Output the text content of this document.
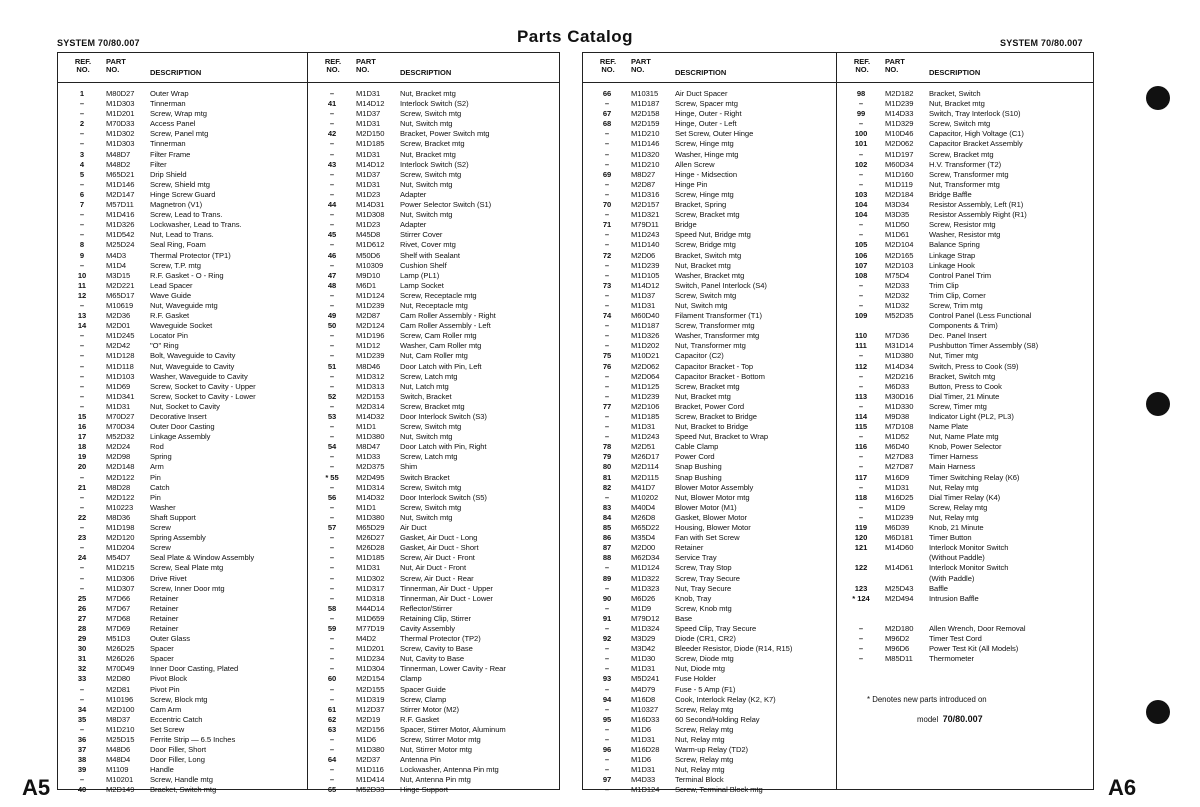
SYSTEM 70/80.007	Parts Catalog	SYSTEM 70/80.007
REF.
NO.
PART
NO.	DESCRIPTION
1	M80D27	Outer Wrap
–	M1D303	Tinnerman
–	M1D201	Screw, Wrap mtg
2	M70D33	Access Panel
–	M1D302	Screw, Panel mtg
–	M1D303	Tinnerman
3	M48D7	Filter Frame
4	M48D2	Filter
5	M65D21	Drip Shield
–	M1D146	Screw, Shield mtg
6	M2D147	Hinge Screw Guard
7	M57D11	Magnetron (V1)
–	M1D416	Screw, Lead to Trans.
–	M1D326	Lockwasher, Lead to Trans.
–	M1D542	Nut, Lead to Trans.
8	M25D24	Seal Ring, Foam
9	M4D3	Thermal Protector (TP1)
–	M1D4	Screw, T.P. mtg
10	M3D15	R.F. Gasket - O - Ring
11	M2D221	Lead Spacer
12	M65D17	Wave Guide
–	M10619	Nut, Waveguide mtg
13	M2D36	R.F. Gasket
14	M2D01	Waveguide Socket
–	M1D245	Locator Pin
–	M2D42	"O" Ring
–	M1D128	Bolt, Waveguide to Cavity
–	M1D118	Nut, Waveguide to Cavity
–	M1D103	Washer, Waveguide to Cavity
–	M1D69	Screw, Socket to Cavity - Upper
–	M1D341	Screw, Socket to Cavity - Lower
–	M1D31	Nut, Socket to Cavity
15	M70D27	Decorative Insert
16	M70D34	Outer Door Casting
17	M52D32	Linkage Assembly
18	M2D24	Rod
19	M2D98	Spring
20	M2D148	Arm
–	M2D122	Pin
21	M8D28	Catch
–	M2D122	Pin
–	M10223	Washer
22	M8D36	Shaft Support
–	M1D198	Screw
23	M2D120	Spring Assembly
–	M1D204	Screw
24	M54D7	Seal Plate & Window Assembly
–	M1D215	Screw, Seal Plate mtg
–	M1D306	Drive Rivet
–	M1D307	Screw, Inner Door mtg
25	M7D66	Retainer
26	M7D67	Retainer
27	M7D68	Retainer
28	M7D69	Retainer
29	M51D3	Outer Glass
30	M26D25	Spacer
31	M26D26	Spacer
32	M70D49	Inner Door Casting, Plated
33	M2D80	Pivot Block
–	M2D81	Pivot Pin
–	M10196	Screw, Block mtg
34	M2D100	Cam Arm
35	M8D37	Eccentric Catch
–	M1D210	Set Screw
36	M25D15	Ferrite Strip — 6.5 Inches
37	M48D6	Door Filler, Short
38	M48D4	Door Filler, Long
39	M1109	Handle
–	M10201	Screw, Handle mtg
40	M2D149	Bracket, Switch mtg
REF.
NO.
PART
NO.	DESCRIPTION
–	M1D31	Nut, Bracket mtg
41	M14D12	Interlock Switch (S2)
–	M1D37	Screw, Switch mtg
–	M1D31	Nut, Switch mtg
42	M2D150	Bracket, Power Switch mtg
–	M1D185	Screw, Bracket mtg
–	M1D31	Nut, Bracket mtg
43	M14D12	Interlock Switch (S2)
–	M1D37	Screw, Switch mtg
–	M1D31	Nut, Switch mtg
–	M1D23	Adapter
44	M14D31	Power Selector Switch (S1)
–	M1D308	Nut, Switch mtg
–	M1D23	Adapter
45	M45D8	Stirrer Cover
–	M1D612	Rivet, Cover mtg
46	M50D6	Shelf with Sealant
–	M10309	Cushion Shelf
47	M9D10	Lamp (PL1)
48	M6D1	Lamp Socket
–	M1D124	Screw, Receptacle mtg
–	M1D239	Nut, Receptacle mtg
49	M2D87	Cam Roller Assembly - Right
50	M2D124	Cam Roller Assembly - Left
–	M1D196	Screw, Cam Roller mtg
–	M1D12	Washer, Cam Roller mtg
–	M1D239	Nut, Cam Roller mtg
51	M8D46	Door Latch with Pin, Left
–	M1D312	Screw, Latch mtg
–	M1D313	Nut, Latch mtg
52	M2D153	Switch, Bracket
–	M2D314	Screw, Bracket mtg
53	M14D32	Door Interlock Switch (S3)
–	M1D1	Screw, Switch mtg
–	M1D380	Nut, Switch mtg
54	M8D47	Door Latch with Pin, Right
–	M1D33	Screw, Latch mtg
–	M2D375	Shim
* 55	M2D495	Switch Bracket
–	M1D314	Screw, Switch mtg
56	M14D32	Door Interlock Switch (S5)
–	M1D1	Screw, Switch mtg
–	M1D380	Nut, Switch mtg
57	M65D29	Air Duct
–	M26D27	Gasket, Air Duct - Long
–	M26D28	Gasket, Air Duct - Short
–	M1D185	Screw, Air Duct - Front
–	M1D31	Nut, Air Duct - Front
–	M1D302	Screw, Air Duct - Rear
–	M1D317	Tinnerman, Air Duct - Upper
–	M1D318	Tinnerman, Air Duct - Lower
58	M44D14	Reflector/Stirrer
–	M1D659	Retaining Clip, Stirrer
59	M77D19	Cavity Assembly
–	M4D2	Thermal Protector (TP2)
–	M1D201	Screw, Cavity to Base
–	M1D234	Nut, Cavity to Base
–	M1D304	Tinnerman, Lower Cavity - Rear
60	M2D154	Clamp
–	M2D155	Spacer Guide
–	M1D319	Screw, Clamp
61	M12D37	Stirrer Motor (M2)
62	M2D19	R.F. Gasket
63	M2D156	Spacer, Stirrer Motor, Aluminum
–	M1D6	Screw, Stirrer Motor mtg
–	M1D380	Nut, Stirrer Motor mtg
64	M2D37	Antenna Pin
–	M1D116	Lockwasher, Antenna Pin mtg
–	M1D414	Nut, Antenna Pin mtg
65	M52D33	Hinge Support
REF.
NO.
PART
NO.	DESCRIPTION
66	M10315	Air Duct Spacer
–	M1D187	Screw, Spacer mtg
67	M2D158	Hinge, Outer - Right
68	M2D159	Hinge, Outer - Left
–	M1D210	Set Screw, Outer Hinge
–	M1D146	Screw, Hinge mtg
–	M1D320	Washer, Hinge mtg
–	M1D210	Allen Screw
69	M8D27	Hinge - Midsection
–	M2D87	Hinge Pin
–	M1D316	Screw, Hinge mtg
70	M2D157	Bracket, Spring
–	M1D321	Screw, Bracket mtg
71	M79D11	Bridge
–	M1D243	Speed Nut, Bridge mtg
–	M1D140	Screw, Bridge mtg
72	M2D06	Bracket, Switch mtg
–	M1D239	Nut, Bracket mtg
–	M1D105	Washer, Bracket mtg
73	M14D12	Switch, Panel Interlock (S4)
–	M1D37	Screw, Switch mtg
–	M1D31	Nut, Switch mtg
74	M60D40	Filament Transformer (T1)
–	M1D187	Screw, Transformer mtg
–	M1D326	Washer, Transformer mtg
–	M1D202	Nut, Transformer mtg
75	M10D21	Capacitor (C2)
76	M2D062	Capacitor Bracket - Top
–	M2D064	Capacitor Bracket - Bottom
–	M1D125	Screw, Bracket mtg
–	M1D239	Nut, Bracket mtg
77	M2D106	Bracket, Power Cord
–	M1D185	Screw, Bracket to Bridge
–	M1D31	Nut, Bracket to Bridge
–	M1D243	Speed Nut, Bracket to Wrap
78	M2D51	Cable Clamp
79	M26D17	Power Cord
80	M2D114	Snap Bushing
81	M2D115	Snap Bushing
82	M41D7	Blower Motor Assembly
–	M10202	Nut, Blower Motor mtg
83	M40D4	Blower Motor (M1)
84	M26D8	Gasket, Blower Motor
85	M65D22	Housing, Blower Motor
86	M35D4	Fan with Set Screw
87	M2D00	Retainer
88	M62D34	Service Tray
–	M1D124	Screw, Tray Stop
89	M1D322	Screw, Tray Secure
–	M1D323	Nut, Tray Secure
90	M6D26	Knob, Tray
–	M1D9	Screw, Knob mtg
91	M79D12	Base
–	M1D324	Speed Clip, Tray Secure
92	M3D29	Diode (CR1, CR2)
–	M3D42	Bleeder Resistor, Diode (R14, R15)
–	M1D30	Screw, Diode mtg
–	M1D31	Nut, Diode mtg
93	M5D241	Fuse Holder
–	M4D79	Fuse - 5 Amp (F1)
94	M16D8	Cook, Interlock Relay (K2, K7)
–	M10327	Screw, Relay mtg
95	M16D33	60 Second/Holding Relay
–	M1D6	Screw, Relay mtg
–	M1D31	Nut, Relay mtg
96	M16D28	Warm-up Relay (TD2)
–	M1D6	Screw, Relay mtg
–	M1D31	Nut, Relay mtg
97	M4D33	Terminal Block
–	M1D124	Screw, Terminal Block mtg
REF.
NO.
PART
NO.	DESCRIPTION
98	M2D182	Bracket, Switch
–	M1D239	Nut, Bracket mtg
99	M14D33	Switch, Tray Interlock (S10)
–	M1D329	Screw, Switch mtg
100	M10D46	Capacitor, High Voltage (C1)
101	M2D062	Capacitor Bracket Assembly
–	M1D197	Screw, Bracket mtg
102	M60D34	H.V. Transformer (T2)
–	M1D160	Screw, Transformer mtg
–	M1D119	Nut, Transformer mtg
103	M2D184	Bridge Baffle
104	M3D34	Resistor Assembly, Left (R1)
104	M3D35	Resistor Assembly Right (R1)
–	M1D50	Screw, Resistor mtg
–	M1D61	Washer, Resistor mtg
105	M2D104	Balance Spring
106	M2D165	Linkage Strap
107	M2D103	Linkage Hook
108	M75D4	Control Panel Trim
–	M2D33	Trim Clip
–	M2D32	Trim Clip, Corner
–	M1D32	Screw, Trim mtg
109	M52D35	Control Panel (Less Functional
Components & Trim)
110	M7D36	Dec. Panel Insert
111	M31D14	Pushbutton Timer Assembly (S8)
–	M1D380	Nut, Timer mtg
112	M14D34	Switch, Press to Cook (S9)
–	M2D216	Bracket, Switch mtg
–	M6D33	Button, Press to Cook
113	M30D16	Dial Timer, 21 Minute
–	M1D330	Screw, Timer mtg
114	M9D38	Indicator Light (PL2, PL3)
115	M7D108	Name Plate
–	M1D52	Nut, Name Plate mtg
116	M6D40	Knob, Power Selector
–	M27D83	Timer Harness
–	M27D87	Main Harness
117	M16D9	Timer Switching Relay (K6)
–	M1D31	Nut, Relay mtg
118	M16D25	Dial Timer Relay (K4)
–	M1D9	Screw, Relay mtg
–	M1D239	Nut, Relay mtg
119	M6D39	Knob, 21 Minute
120	M6D181	Timer Button
121	M14D60	Interlock Monitor Switch
(Without Paddle)
122	M14D61	Interlock Monitor Switch
(With Paddle)
123	M25D43	Baffle
* 124	M2D494	Intrusion Baffle
–	M2D180	Allen Wrench, Door Removal
–	M96D2	Timer Test Cord
–	M96D6	Power Test Kit (All Models)
–	M85D11	Thermometer
* Denotes new parts introduced on
model 70/80.007
A5	A6
